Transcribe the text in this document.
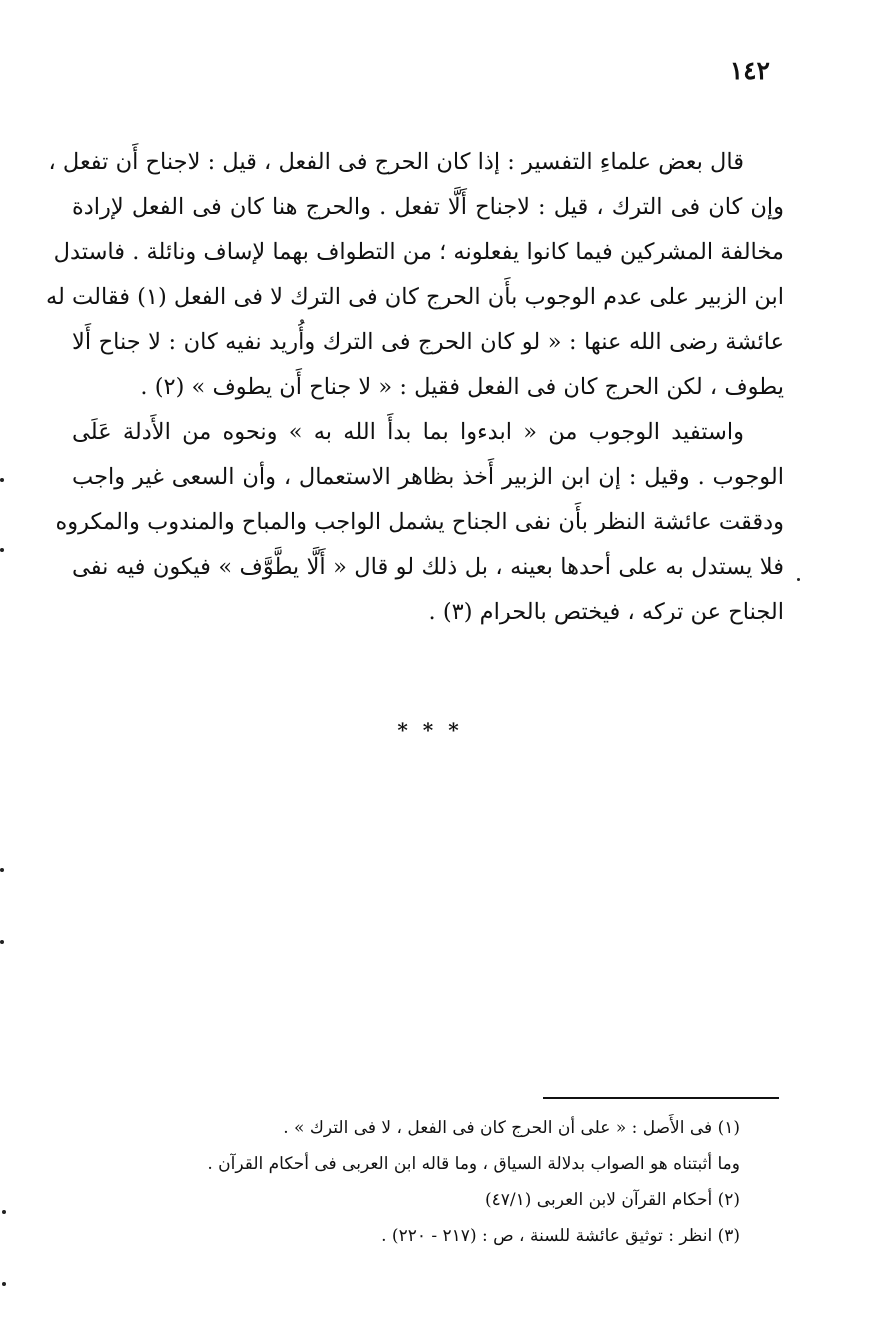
١٤٢
قال بعض علماءِ التفسير : إذا كان الحرج فى الفعل ، قيل : لاجناح أَن تفعل ،
وإن كان فى الترك ، قيل : لاجناح أَلَّا تفعل . والحرج هنا كان فى الفعل لإرادة
مخالفة المشركين فيما كانوا يفعلونه ؛ من التطواف بهما لإساف ونائلة . فاستدل
ابن الزبير على عدم الوجوب بأَن الحرج كان فى الترك لا فى الفعل (١) فقالت له
عائشة رضى الله عنها : « لو كان الحرج فى الترك وأُريد نفيه كان : لا جناح أَلا
يطوف ، لكن الحرج كان فى الفعل فقيل : « لا جناح أَن يطوف » (٢) .
واستفيد الوجوب من « ابدءوا بما بدأَ الله به » ونحوه من الأَدلة عَلَى
الوجوب . وقيل : إن ابن الزبير أَخذ بظاهر الاستعمال ، وأن السعى غير واجب
ودققت عائشة النظر بأَن نفى الجناح يشمل الواجب والمباح والمندوب والمكروه
فلا يستدل به على أحدها بعينه ، بل ذلك لو قال « أَلَّا يطَّوَّف » فيكون فيه نفى
الجناح عن تركه ، فيختص بالحرام (٣) .
* * *
(١) فى الأَصل : « على أن الحرج كان فى الفعل ، لا فى الترك » .
وما أثبتناه هو الصواب بدلالة السياق ، وما قاله ابن العربى فى أحكام القرآن .
(٢) أحكام القرآن لابن العربى (٤٧/١)
(٣) انظر : توثيق عائشة للسنة ، ص : (٢١٧ - ٢٢٠) .
